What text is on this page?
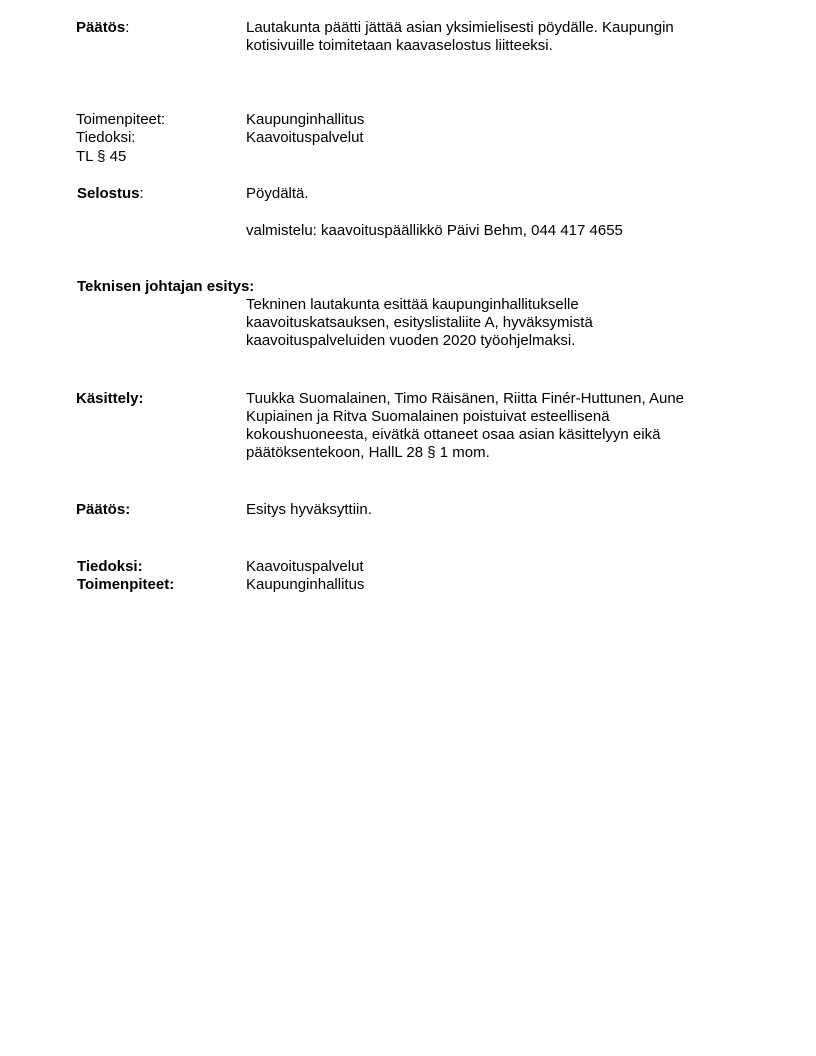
Päätös:	Lautakunta päätti jättää asian yksimielisesti pöydälle. Kaupungin
kotisivuille toimitetaan kaavaselostus liitteeksi.
Toimenpiteet:	Kaupunginhallitus
Tiedoksi:	Kaavoituspalvelut
TL § 45
Selostus:	Pöydältä.
valmistelu: kaavoituspäällikkö Päivi Behm, 044 417 4655
Teknisen johtajan esitys:
Tekninen lautakunta esittää kaupunginhallitukselle
kaavoituskatsauksen, esityslistaliite A, hyväksymistä
kaavoituspalveluiden vuoden 2020 työohjelmaksi.
Käsittely:	Tuukka Suomalainen, Timo Räisänen, Riitta Finér-Huttunen, Aune
Kupiainen ja Ritva Suomalainen poistuivat esteellisenä
kokoushuoneesta, eivätkä ottaneet osaa asian käsittelyyn eikä
päätöksentekoon, HallL 28 § 1 mom.
Päätös:	Esitys hyväksyttiin.
Tiedoksi:	Kaavoituspalvelut
Toimenpiteet:	Kaupunginhallitus
